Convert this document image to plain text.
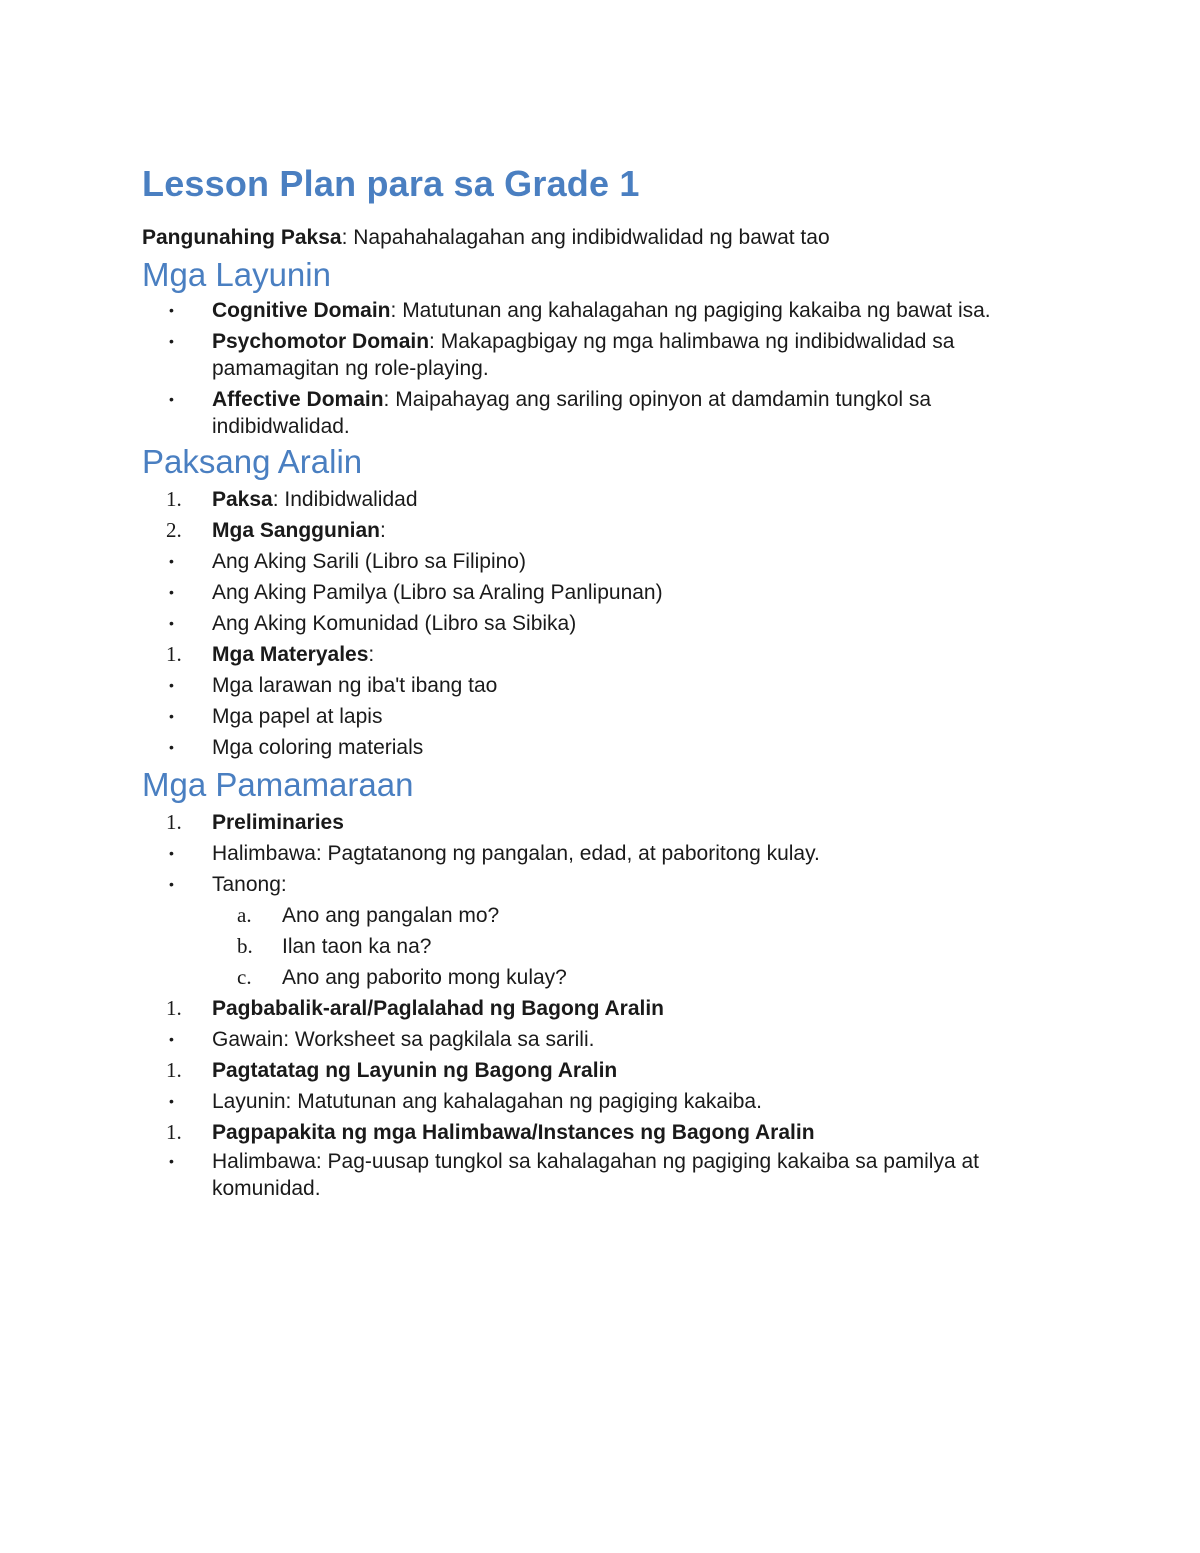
Lesson Plan para sa Grade 1
Pangunahing Paksa: Napahahalagahan ang indibidwalidad ng bawat tao
Mga Layunin
•	Cognitive Domain: Matutunan ang kahalagahan ng pagiging kakaiba ng bawat isa.
•	Psychomotor Domain: Makapagbigay ng mga halimbawa ng indibidwalidad sa pamamagitan ng role-playing.
•	Affective Domain: Maipahayag ang sariling opinyon at damdamin tungkol sa indibidwalidad.
Paksang Aralin
1.	Paksa: Indibidwalidad
2.	Mga Sanggunian:
•	Ang Aking Sarili (Libro sa Filipino)
•	Ang Aking Pamilya (Libro sa Araling Panlipunan)
•	Ang Aking Komunidad (Libro sa Sibika)
1.	Mga Materyales:
•	Mga larawan ng iba't ibang tao
•	Mga papel at lapis
•	Mga coloring materials
Mga Pamamaraan
1.	Preliminaries
•	Halimbawa: Pagtatanong ng pangalan, edad, at paboritong kulay.
•	Tanong:
a.	Ano ang pangalan mo?
b.	Ilan taon ka na?
c.	Ano ang paborito mong kulay?
1.	Pagbabalik-aral/Paglalahad ng Bagong Aralin
•	Gawain: Worksheet sa pagkilala sa sarili.
1.	Pagtatatag ng Layunin ng Bagong Aralin
•	Layunin: Matutunan ang kahalagahan ng pagiging kakaiba.
1.	Pagpapakita ng mga Halimbawa/Instances ng Bagong Aralin
•	Halimbawa: Pag-uusap tungkol sa kahalagahan ng pagiging kakaiba sa pamilya at komunidad.
